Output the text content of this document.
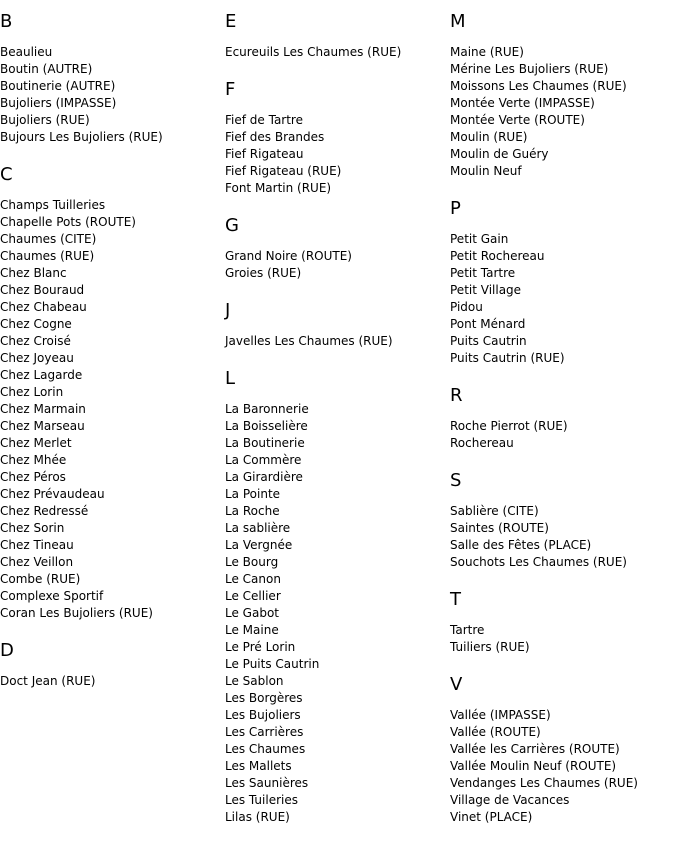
B
Beaulieu
Boutin (AUTRE)
Boutinerie (AUTRE)
Bujoliers (IMPASSE)
Bujoliers (RUE)
Bujours Les Bujoliers (RUE)
C
Champs Tuilleries
Chapelle Pots (ROUTE)
Chaumes (CITE)
Chaumes (RUE)
Chez Blanc
Chez Bouraud
Chez Chabeau
Chez Cogne
Chez Croisé
Chez Joyeau
Chez Lagarde
Chez Lorin
Chez Marmain
Chez Marseau
Chez Merlet
Chez Mhée
Chez Péros
Chez Prévaudeau
Chez Redressé
Chez Sorin
Chez Tineau
Chez Veillon
Combe (RUE)
Complexe Sportif
Coran Les Bujoliers (RUE)
D
Doct Jean (RUE)
E
Ecureuils Les Chaumes (RUE)
F
Fief de Tartre
Fief des Brandes
Fief Rigateau
Fief Rigateau (RUE)
Font Martin (RUE)
G
Grand Noire (ROUTE)
Groies (RUE)
J
Javelles Les Chaumes (RUE)
L
La Baronnerie
La Boisselière
La Boutinerie
La Commère
La Girardière
La Pointe
La Roche
La sablière
La Vergnée
Le Bourg
Le Canon
Le Cellier
Le Gabot
Le Maine
Le Pré Lorin
Le Puits Cautrin
Le Sablon
Les Borgères
Les Bujoliers
Les Carrières
Les Chaumes
Les Mallets
Les Saunières
Les Tuileries
Lilas (RUE)
M
Maine (RUE)
Mérine Les Bujoliers (RUE)
Moissons Les Chaumes (RUE)
Montée Verte (IMPASSE)
Montée Verte (ROUTE)
Moulin (RUE)
Moulin de Guéry
Moulin Neuf
P
Petit Gain
Petit Rochereau
Petit Tartre
Petit Village
Pidou
Pont Ménard
Puits Cautrin
Puits Cautrin (RUE)
R
Roche Pierrot (RUE)
Rochereau
S
Sablière (CITE)
Saintes (ROUTE)
Salle des Fêtes (PLACE)
Souchots Les Chaumes (RUE)
T
Tartre
Tuiliers (RUE)
V
Vallée (IMPASSE)
Vallée (ROUTE)
Vallée les Carrières (ROUTE)
Vallée Moulin Neuf (ROUTE)
Vendanges Les Chaumes (RUE)
Village de Vacances
Vinet (PLACE)
